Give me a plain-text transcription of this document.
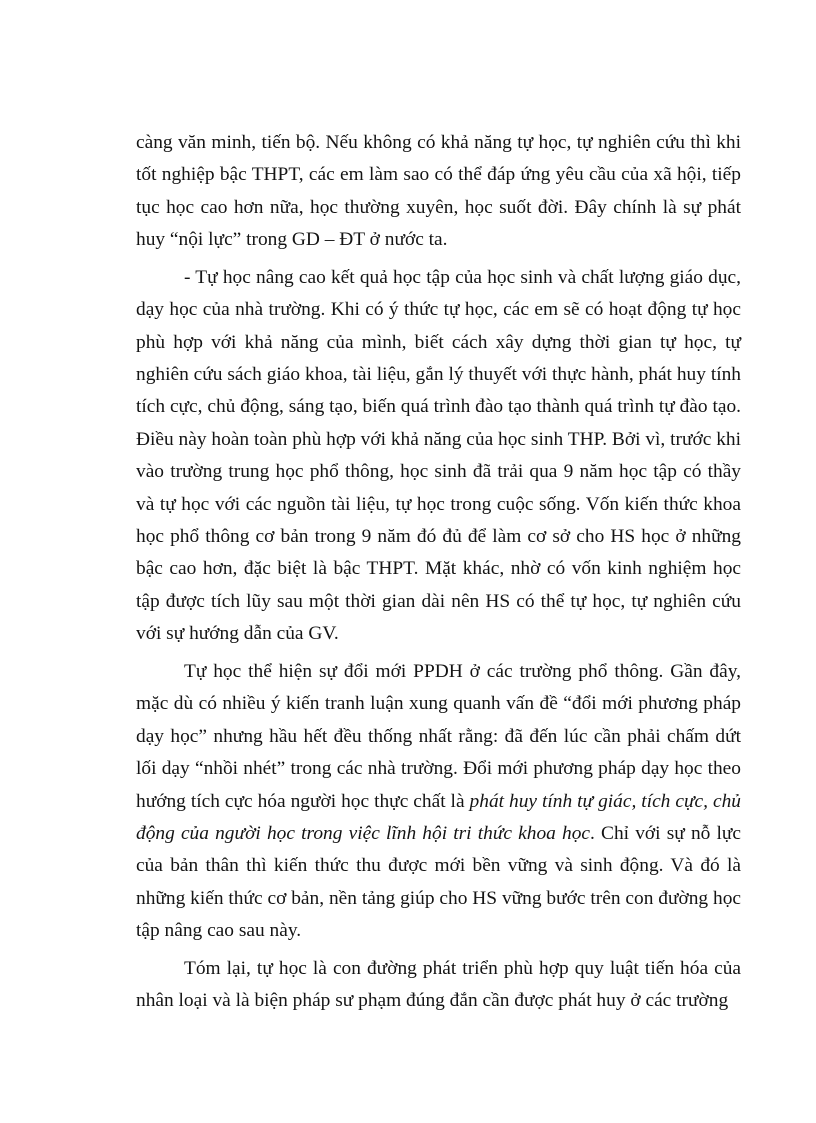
càng văn minh, tiến bộ. Nếu không có khả năng tự học, tự nghiên cứu thì khi tốt nghiệp bậc THPT, các em làm sao có thể đáp ứng yêu cầu của xã hội, tiếp tục học cao hơn nữa, học thường xuyên, học suốt đời. Đây chính là sự phát huy “nội lực” trong GD – ĐT ở nước ta.

- Tự học nâng cao kết quả học tập của học sinh và chất lượng giáo dục, dạy học của nhà trường. Khi có ý thức tự học, các em sẽ có hoạt động tự học phù hợp với khả năng của mình, biết cách xây dựng thời gian tự học, tự nghiên cứu sách giáo khoa, tài liệu, gắn lý thuyết với thực hành, phát huy tính tích cực, chủ động, sáng tạo, biến quá trình đào tạo thành quá trình tự đào tạo. Điều này hoàn toàn phù hợp với khả năng của học sinh THP. Bởi vì, trước khi vào trường trung học phổ thông, học sinh đã trải qua 9 năm học tập có thầy và tự học với các nguồn tài liệu, tự học trong cuộc sống. Vốn kiến thức khoa học phổ thông cơ bản trong 9 năm đó đủ để làm cơ sở cho HS học ở những bậc cao hơn, đặc biệt là bậc THPT. Mặt khác, nhờ có vốn kinh nghiệm học tập được tích lũy sau một thời gian dài nên HS có thể tự học, tự nghiên cứu với sự hướng dẫn của GV.

Tự học thể hiện sự đổi mới PPDH ở các trường phổ thông. Gần đây, mặc dù có nhiều ý kiến tranh luận xung quanh vấn đề “đổi mới phương pháp dạy học” nhưng hầu hết đều thống nhất rằng: đã đến lúc cần phải chấm dứt lối dạy “nhồi nhét” trong các nhà trường. Đổi mới phương pháp dạy học theo hướng tích cực hóa người học thực chất là phát huy tính tự giác, tích cực, chủ động của người học trong việc lĩnh hội tri thức khoa học. Chỉ với sự nỗ lực của bản thân thì kiến thức thu được mới bền vững và sinh động. Và đó là những kiến thức cơ bản, nền tảng giúp cho HS vững bước trên con đường học tập nâng cao sau này.

Tóm lại, tự học là con đường phát triển phù hợp quy luật tiến hóa của nhân loại và là biện pháp sư phạm đúng đắn cần được phát huy ở các trường
